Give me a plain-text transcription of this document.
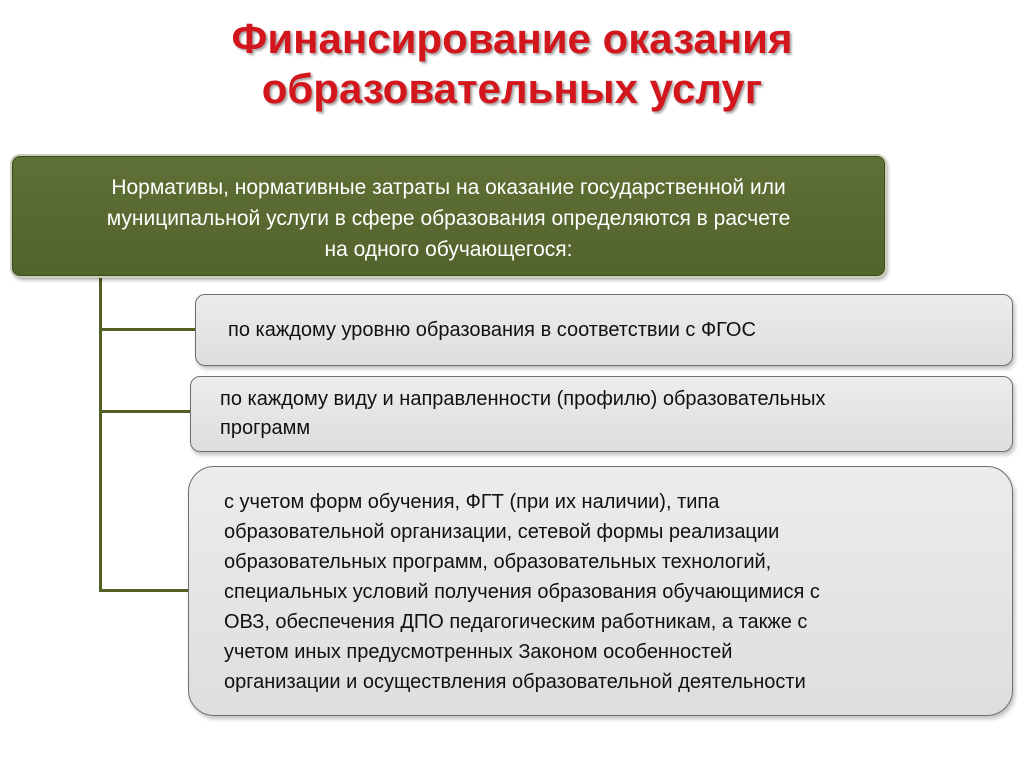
Финансирование оказания
образовательных услуг
Нормативы, нормативные затраты на оказание государственной или
муниципальной услуги в сфере образования определяются в расчете
на одного обучающегося:
по каждому уровню образования в соответствии с ФГОС
по каждому виду и направленности (профилю) образовательных
программ
с учетом форм обучения, ФГТ (при их наличии), типа
образовательной организации, сетевой формы реализации
образовательных программ, образовательных технологий,
специальных условий получения образования обучающимися с
ОВЗ, обеспечения ДПО педагогическим работникам, а также с
учетом иных предусмотренных Законом особенностей
организации и осуществления образовательной деятельности
